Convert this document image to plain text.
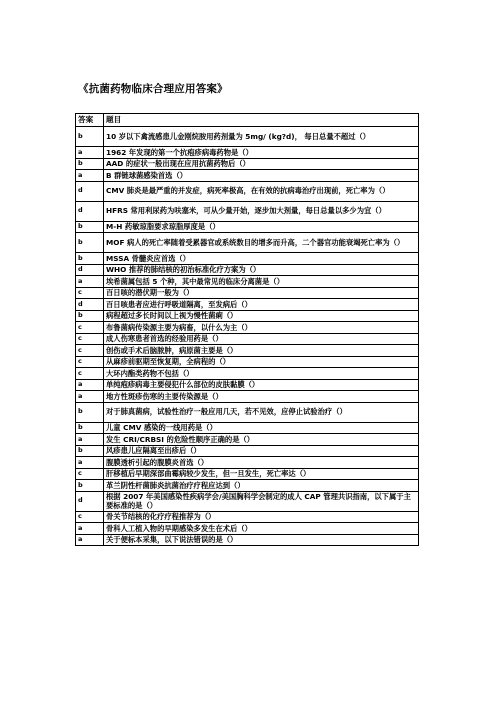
《抗菌药物临床合理应用答案》
答案	题目
b	10 岁以下禽流感患儿金刚烷胺用药剂量为 5mg/ (kg?d)， 每日总量不超过（）
a	1962 年发现的第一个抗疱疹病毒药物是（）
b	AAD 的症状一般出现在应用抗菌药物后（）
a	B 群链球菌感染首选（）
d	CMV 肺炎是最严重的并发症，病死率极高，在有效的抗病毒治疗出现前，死亡率为（）
d	HFRS 常用利尿药为呋塞米，可从少量开始，逐步加大剂量，每日总量以多少为宜（）
b	M-H 药敏琼脂要求琼脂厚度是（）
b	MOF 病人的死亡率随着受累器官或系统数目的增多而升高，二个器官功能衰竭死亡率为（）
b	MSSA 骨髓炎应首选（）
d	WHO 推荐的肺结核的初治标准化疗方案为（）
a	埃希菌属包括 5 个种，其中最常见的临床分离菌是（）
c	百日咳的潜伏期一般为（）
d	百日咳患者应进行呼吸道隔离，至发病后（）
b	病程超过多长时间以上视为慢性菌痢（）
c	布鲁菌病传染源主要为病畜，以什么为主（）
c	成人伤寒患者首选的经验用药是（）
c	创伤或手术后脑脓肿，病原菌主要是（）
c	从麻疹前驱期至恢复期，全病程的（）
c	大环内酯类药物不包括（）
a	单纯疱疹病毒主要侵犯什么部位的皮肤黏膜（）
a	地方性斑疹伤寒的主要传染源是（）
b	对于肺真菌病，试验性治疗一般应用几天，若不见效，应停止试验治疗（）
b	儿童 CMV 感染的一线用药是（）
a	发生 CRI/CRBSI 的危险性顺序正确的是（）
b	风疹患儿应隔离至出疹后（）
a	腹膜透析引起的腹膜炎首选（）
c	肝移植后早期深部曲霉病较少发生，但一旦发生，死亡率达（）
b	革兰阴性杆菌肺炎抗菌治疗疗程应达到（）
d	根据 2007 年美国感染性疾病学会/美国胸科学会制定的成人 CAP 管理共识指南，以下属于主要标准的是（）
c	骨关节结核的化疗疗程推荐为（）
a	骨科人工植入物的早期感染多发生在术后（）
a	关于便标本采集，以下说法错误的是（）
